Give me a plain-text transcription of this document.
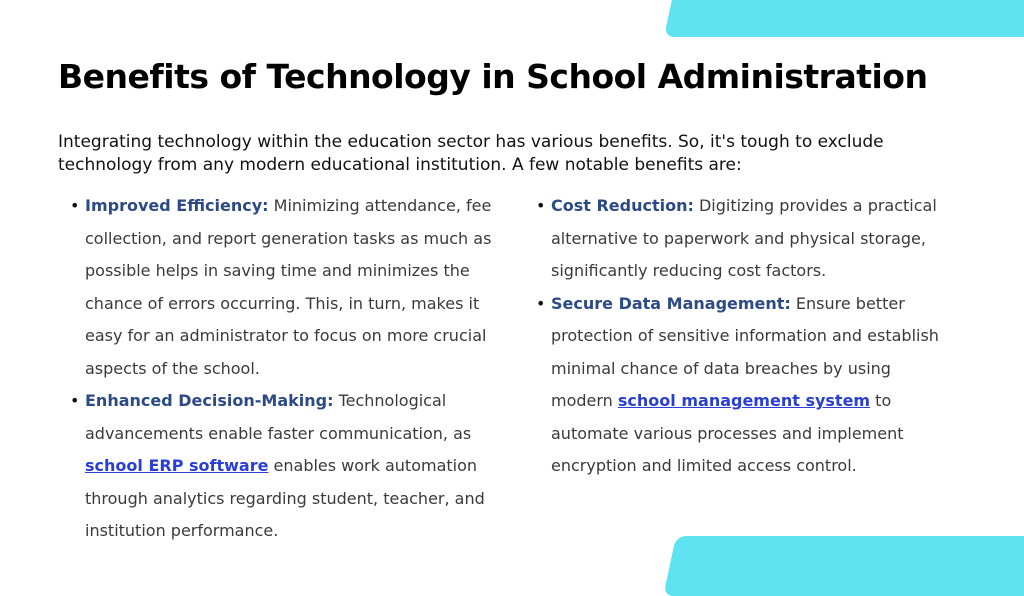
Benefits of Technology in School Administration

Integrating technology within the education sector has various benefits. So, it's tough to exclude technology from any modern educational institution. A few notable benefits are:

• Improved Efficiency: Minimizing attendance, fee collection, and report generation tasks as much as possible helps in saving time and minimizes the chance of errors occurring. This, in turn, makes it easy for an administrator to focus on more crucial aspects of the school.
• Enhanced Decision-Making: Technological advancements enable faster communication, as school ERP software enables work automation through analytics regarding student, teacher, and institution performance.
• Cost Reduction: Digitizing provides a practical alternative to paperwork and physical storage, significantly reducing cost factors.
• Secure Data Management: Ensure better protection of sensitive information and establish minimal chance of data breaches by using modern school management system to automate various processes and implement encryption and limited access control.
